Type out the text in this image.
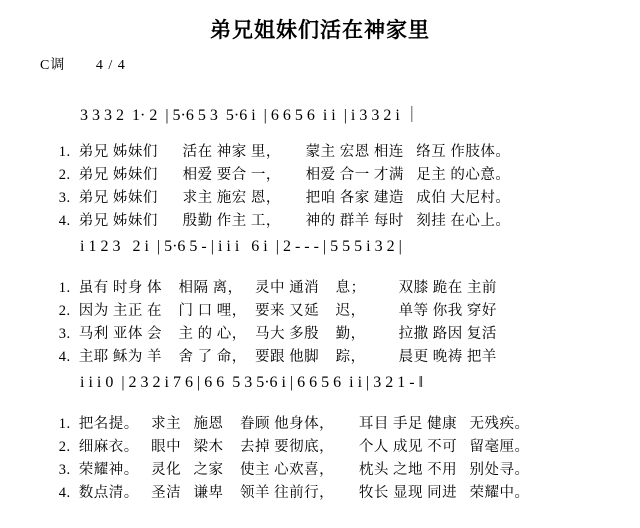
弟兄姐妹们活在神家里
C调 4 / 4

3 3 3 2  1· 2  | 5·6 5 3  5·6 i  | 6 6 5 6  i i  | i 3 3 2 i ｜

1. 弟兄 姊妹们      活在 神家 里，      蒙主 宏恩 相连   络互 作肢体。

2. 弟兄 姊妹们      相爱 要合 一，      相爱 合一 才满   足主 的心意。

3. 弟兄 姊妹们      求主 施宏 恩，      把咱 各家 建造   成伯 大尼村。

4. 弟兄 姊妹们      殷勤 作主 工，      神的 群羊 每时   刻挂 在心上。

i 1 2 3   2 i  | 5·6 5 - | i i i   6 i  | 2 - - - | 5 5 5 i 3 2 |

1. 虽有 时身 体    相隔 离，   灵中 通消    息；        双膝 跪在 主前

2. 因为 主正 在    门 口 哩，  要来 又延    迟，        单等 你我 穿好

3. 马利 亚体 会    主 的 心，  马大 多殷    勤，        拉撒 路因 复活

4. 主耶 稣为 羊    舍 了 命，  要跟 他脚    踪，        晨更 晚祷 把羊

i i i 0  | 2 3 2 i 7 6 | 6 6  5 3 5·6 i | 6 6 5 6  i i | 3 2 1 - ‖

1. 把名提。   求主   施恩    眷顾 他身体，      耳目 手足 健康   无残疾。

2. 细麻衣。   眼中   梁木    去掉 要彻底，      个人 成见 不可   留毫厘。

3. 荣耀神。   灵化   之家    使主 心欢喜，      枕头 之地 不用   别处寻。

4. 数点清。   圣洁   谦卑    领羊 往前行，      牧长 显现 同进   荣耀中。
